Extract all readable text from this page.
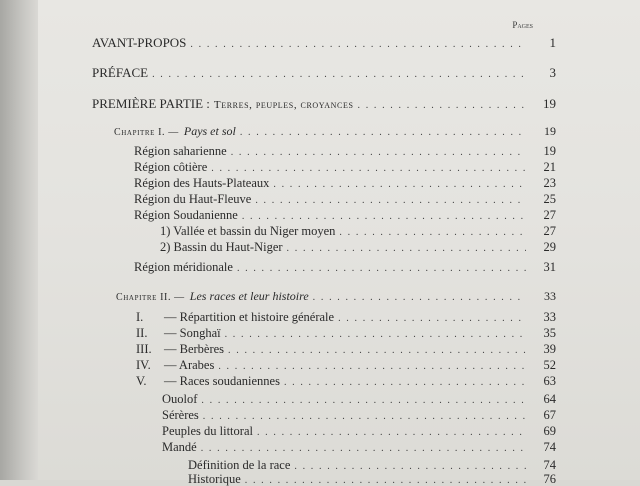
Pages
AVANT-PROPOS . . .	1
PRÉFACE . . .	3
PREMIÈRE PARTIE : Terres, peuples, croyances . . .	19
Chapitre I. — Pays et sol . . .	19
Région saharienne . . .	19
Région côtière . . .	21
Région des Hauts-Plateaux . . .	23
Région du Haut-Fleuve . . .	25
Région Soudanienne . . .	27
1) Vallée et bassin du Niger moyen . . .	27
2) Bassin du Haut-Niger . . .	29
Région méridionale . . .	31
Chapitre II. — Les races et leur histoire . . .	33
I.	— Répartition et histoire générale . . .	33
II.	— Songhaï . . .	35
III. — Berbères . . .	39
IV.	— Arabes . . .	52
V.	— Races soudaniennes . . .	63
Ouolof . . .	64
Sérères . . .	67
Peuples du littoral . . .	69
Mandé . . .	74
Définition de la race . . .	74
Historique . . .	76
